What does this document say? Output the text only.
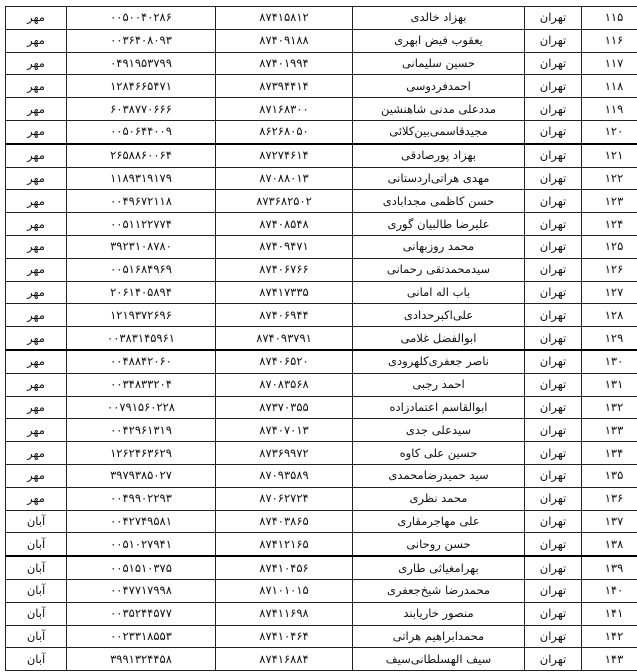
۱۱۵	تهران	بهزاد خالدی	۸۷۴۱۵۸۱۲	۰۰۵۰۰۴۰۲۸۶	مهر
۱۱۶	تهران	یعقوب فیض ابهری	۸۷۴۰۹۱۸۸	۰۰۳۶۴۰۸۰۹۳	مهر
۱۱۷	تهران	حسین سلیمانی	۸۷۴۰۱۹۹۴	۰۴۹۱۹۵۳۷۹۹	مهر
۱۱۸	تهران	احمدفردوسی	۸۷۳۹۴۴۱۴	۱۲۸۴۶۶۵۴۷۱	مهر
۱۱۹	تهران	مددعلی مدنی شاهنشین	۸۷۱۶۸۳۰۰	۶۰۳۸۷۷۰۶۶۶	مهر
۱۲۰	تهران	مجیدقاسمی‌بین‌کلائی	۸۶۲۶۸۰۵۰	۰۰۵۰۶۴۴۰۰۹	مهر
۱۲۱	تهران	بهزاد پورصادقی	۸۷۲۷۴۶۱۴	۲۶۵۸۸۶۰۰۶۴	مهر
۱۲۲	تهران	مهدی هراتی‌اردستانی	۸۷۰۸۸۰۱۳	۱۱۸۹۳۱۹۱۷۹	مهر
۱۲۳	تهران	حسن کاظمی مجدابادی	۸۷۳۶۸۲۵۰۲	۰۰۴۹۶۷۲۱۱۸	مهر
۱۲۴	تهران	علیرضا طالبیان گوری	۸۷۴۰۸۵۴۸	۰۰۵۱۱۲۲۷۷۴	مهر
۱۲۵	تهران	محمد روزبهانی	۸۷۴۰۹۴۷۱	۳۹۲۳۱۰۸۷۸۰	مهر
۱۲۶	تهران	سیدمحمدتقی رحمانی	۸۷۴۰۶۷۶۶	۰۰۵۱۶۸۴۹۶۹	مهر
۱۲۷	تهران	باب اله امانی	۸۷۴۱۷۳۳۵	۲۰۶۱۴۰۵۸۹۴	مهر
۱۲۸	تهران	علی‌اکبرحدادی	۸۷۴۰۶۹۴۴	۱۲۱۹۳۷۲۶۹۶	مهر
۱۲۹	تهران	ابوالفضل غلامی	۸۷۴۰۹۳۷۹۱	۰۰۳۸۳۱۴۵۹۶۱	مهر
۱۳۰	تهران	ناصر جعفری‌کلهرودی	۸۷۴۰۶۵۲۰	۰۰۴۸۸۴۲۰۶۰	مهر
۱۳۱	تهران	احمد رجبی	۸۷۰۸۳۵۶۸	۰۰۳۴۸۳۳۲۰۴	مهر
۱۳۲	تهران	ابوالقاسم اعتمادزاده	۸۷۳۷۰۳۵۵	۰۰۷۹۱۵۶۰۲۲۸	مهر
۱۳۳	تهران	سیدعلی جدی	۸۷۴۰۷۰۱۳	۰۰۴۲۹۶۱۳۱۹	مهر
۱۳۴	تهران	حسین علی کاوه	۸۷۳۶۹۹۷۲	۱۲۶۲۴۶۳۶۲۹	مهر
۱۳۵	تهران	سید حمیدرضامحمدی	۸۷۰۹۳۵۸۹	۳۹۷۹۳۸۵۰۲۷	مهر
۱۳۶	تهران	محمد نظری	۸۷۰۶۲۷۲۴	۰۰۴۹۹۰۲۲۹۳	مهر
۱۳۷	تهران	علی مهاجرمقاری	۸۷۴۰۳۸۶۵	۰۰۴۲۷۴۹۵۸۱	آبان
۱۳۸	تهران	حسن روحانی	۸۷۴۱۲۱۶۵	۰۰۵۱۰۲۷۹۴۱	آبان
۱۳۹	تهران	بهرامغیاثی طاری	۸۷۴۱۰۴۵۶	۰۰۵۱۵۱۰۳۷۵	آبان
۱۴۰	تهران	محمدرضا شیخ‌جعفری	۸۷۱۰۱۰۱۵	۰۰۴۷۷۱۷۹۹۸	آبان
۱۴۱	تهران	منصور خاریابند	۸۷۴۱۱۶۹۸	۰۰۳۵۲۴۴۵۷۷	آبان
۱۴۲	تهران	محمدابراهیم هراتی	۸۷۴۱۰۴۶۴	۰۰۲۳۳۱۸۵۵۳	آبان
۱۴۳	تهران	سیف الهسلطانی‌سیف	۸۷۴۱۶۸۸۴	۳۹۹۱۳۲۴۴۵۸	آبان
